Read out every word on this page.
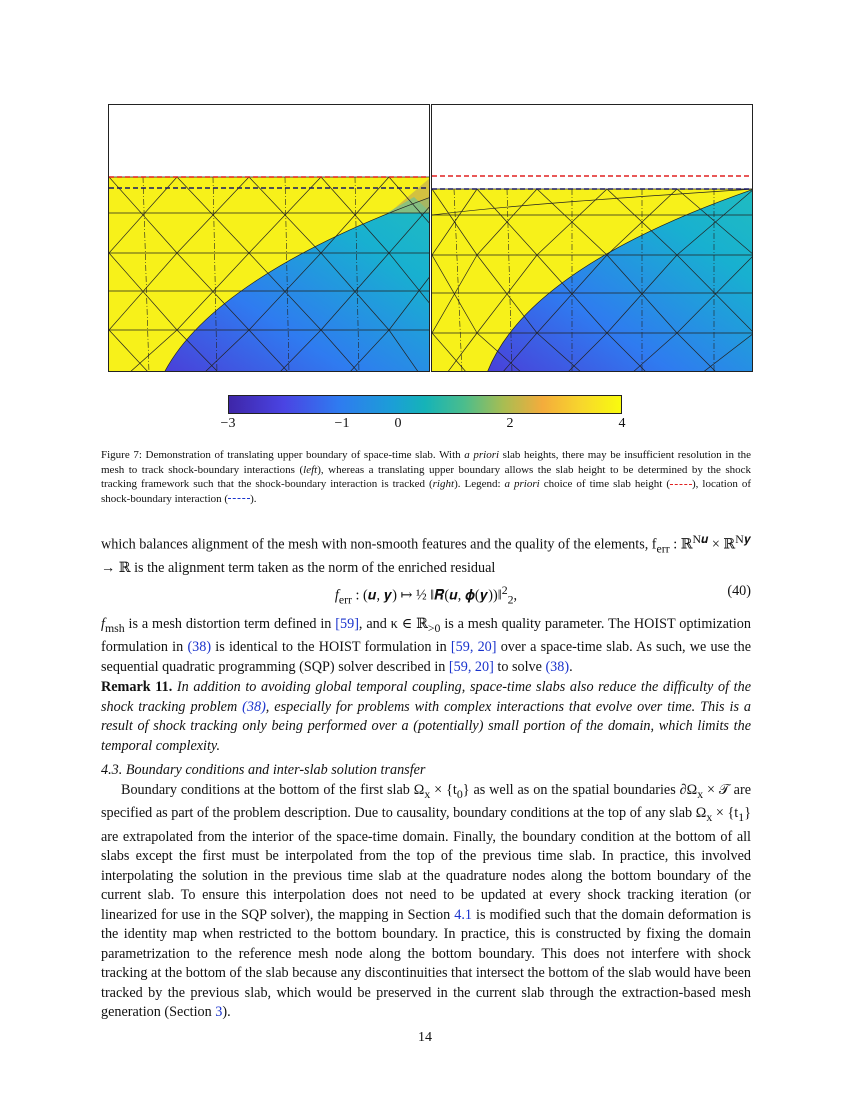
−3	−1	0	2	4
Figure 7: Demonstration of translating upper boundary of space-time slab. With a priori slab heights, there may be insufficient resolution in the mesh to track shock-boundary interactions (left), whereas a translating upper boundary allows the slab height to be determined by the shock tracking framework such that the shock-boundary interaction is tracked (right). Legend: a priori choice of time slab height ( ), location of shock-boundary interaction ( ).
which balances alignment of the mesh with non-smooth features and the quality of the elements, $f_{err}$ : ℝ$^{N𝒖}$ × ℝ$^{N𝒚}$ → ℝ is the alignment term taken as the norm of the enriched residual
$f_{err}$ : (𝒖, 𝒚) ↦ ½ ‖𝑹(𝒖, 𝝓(𝒚))‖$^2_2$,	(40)
$f_{msh}$ is a mesh distortion term defined in [59], and κ ∈ ℝ$_{>0}$ is a mesh quality parameter. The HOIST optimization formulation in (38) is identical to the HOIST formulation in [59, 20] over a space-time slab. As such, we use the sequential quadratic programming (SQP) solver described in [59, 20] to solve (38).
Remark 11. In addition to avoiding global temporal coupling, space-time slabs also reduce the difficulty of the shock tracking problem (38), especially for problems with complex interactions that evolve over time. This is a result of shock tracking only being performed over a (potentially) small portion of the domain, which limits the temporal complexity.
4.3. Boundary conditions and inter-slab solution transfer
Boundary conditions at the bottom of the first slab $\Omega_x \times \{t_0\}$ as well as on the spatial boundaries $\partial\Omega_x$ × 𝒯 are specified as part of the problem description. Due to causality, boundary conditions at the top of any slab $\Omega_x \times \{t_1\}$ are extrapolated from the interior of the space-time domain. Finally, the boundary condition at the bottom of all slabs except the first must be interpolated from the top of the previous time slab. In practice, this involved interpolating the solution in the previous time slab at the quadrature nodes along the bottom boundary of the current slab. To ensure this interpolation does not need to be updated at every shock tracking iteration (or linearized for use in the SQP solver), the mapping in Section 4.1 is modified such that the domain deformation is the identity map when restricted to the bottom boundary. In practice, this is constructed by fixing the domain parametrization to the reference mesh node along the bottom boundary. This does not interfere with shock tracking at the bottom of the slab because any discontinuities that intersect the bottom of the slab would have been tracked by the previous slab, which would be preserved in the current slab through the extraction-based mesh generation (Section 3).
14
